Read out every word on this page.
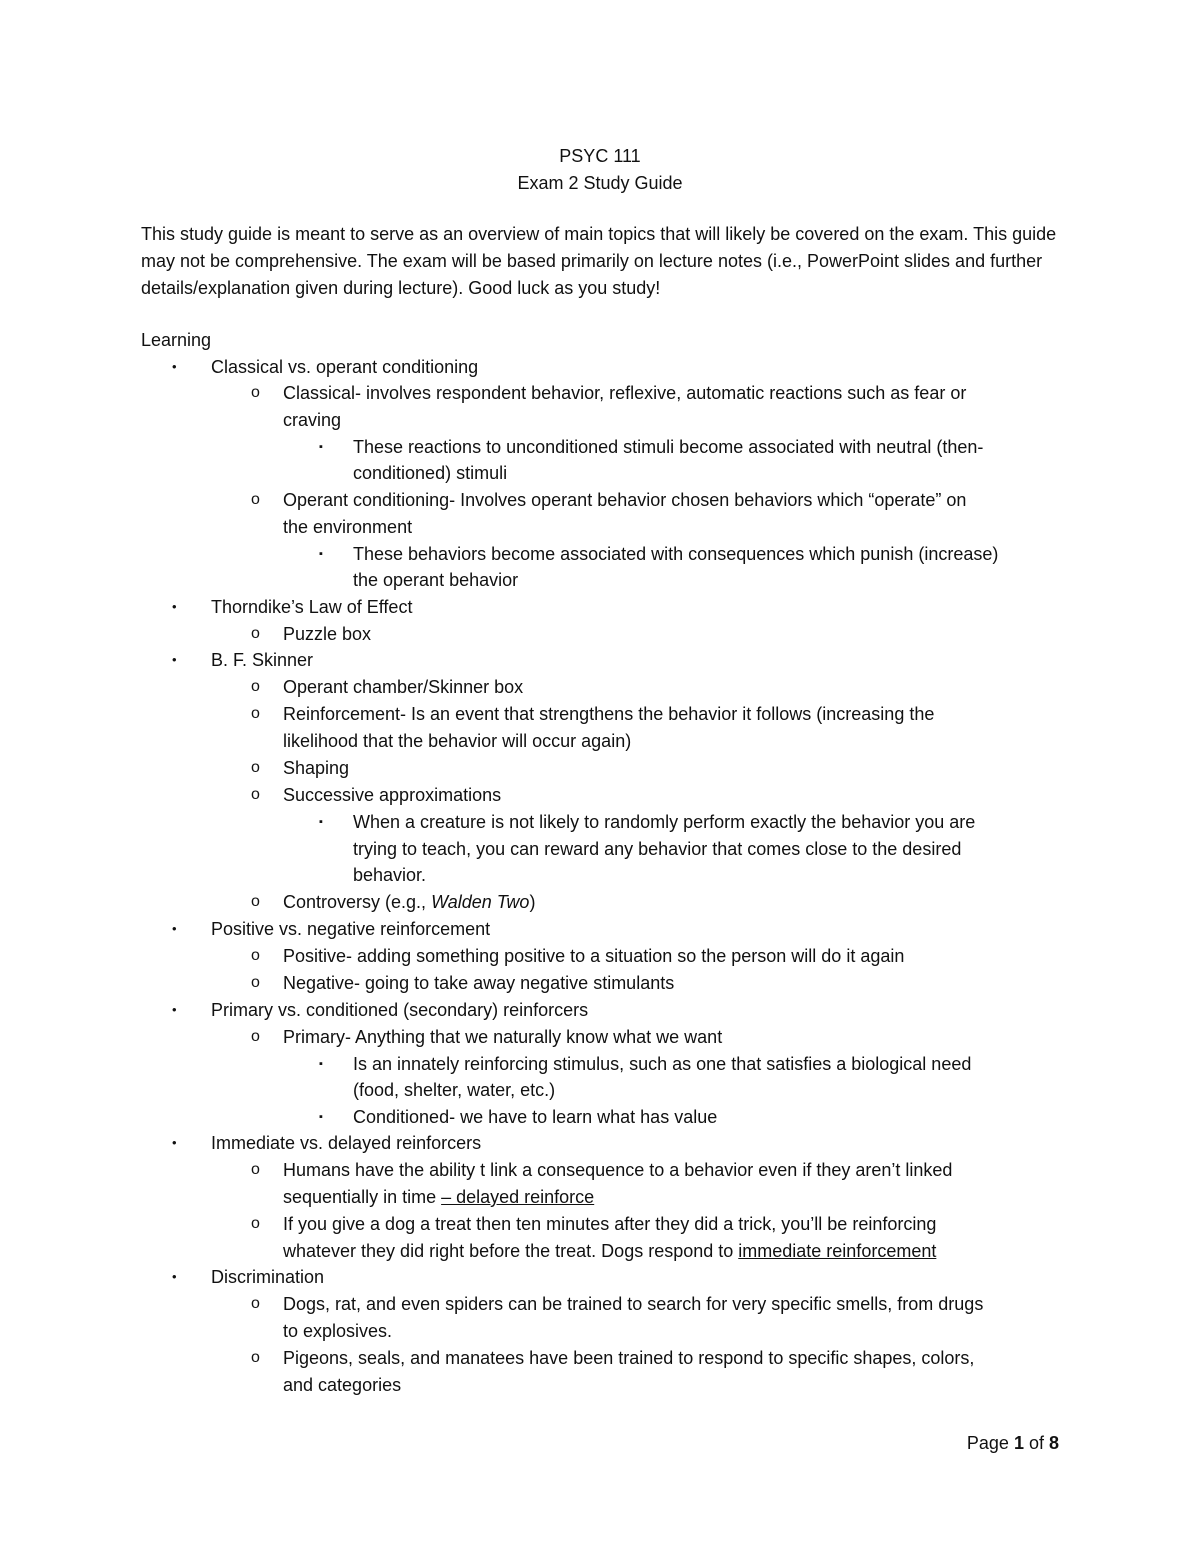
PSYC 111
Exam 2 Study Guide

This study guide is meant to serve as an overview of main topics that will likely be covered on the exam. This guide may not be comprehensive. The exam will be based primarily on lecture notes (i.e., PowerPoint slides and further details/explanation given during lecture). Good luck as you study!

Learning
• Classical vs. operant conditioning
o Classical- involves respondent behavior, reflexive, automatic reactions such as fear or
craving
▪ These reactions to unconditioned stimuli become associated with neutral (then-
conditioned) stimuli
o Operant conditioning- Involves operant behavior chosen behaviors which “operate” on
the environment
▪ These behaviors become associated with consequences which punish (increase)
the operant behavior
• Thorndike’s Law of Effect
o Puzzle box
• B. F. Skinner
o Operant chamber/Skinner box
o Reinforcement- Is an event that strengthens the behavior it follows (increasing the
likelihood that the behavior will occur again)
o Shaping
o Successive approximations
▪ When a creature is not likely to randomly perform exactly the behavior you are
trying to teach, you can reward any behavior that comes close to the desired
behavior.
o Controversy (e.g., Walden Two)
• Positive vs. negative reinforcement
o Positive- adding something positive to a situation so the person will do it again
o Negative- going to take away negative stimulants
• Primary vs. conditioned (secondary) reinforcers
o Primary- Anything that we naturally know what we want
▪ Is an innately reinforcing stimulus, such as one that satisfies a biological need
(food, shelter, water, etc.)
▪ Conditioned- we have to learn what has value
• Immediate vs. delayed reinforcers
o Humans have the ability t link a consequence to a behavior even if they aren’t linked
sequentially in time – delayed reinforce
o If you give a dog a treat then ten minutes after they did a trick, you’ll be reinforcing
whatever they did right before the treat. Dogs respond to immediate reinforcement
• Discrimination
o Dogs, rat, and even spiders can be trained to search for very specific smells, from drugs
to explosives.
o Pigeons, seals, and manatees have been trained to respond to specific shapes, colors,
and categories
Page 1 of 8
